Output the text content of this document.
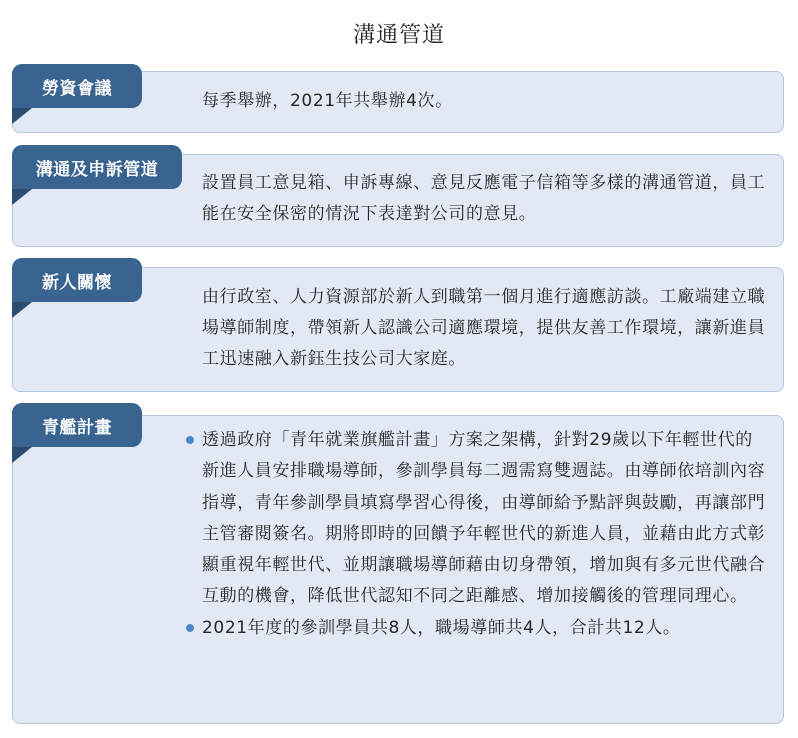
溝通管道
勞資會議
每季舉辦，2021年共舉辦4次。
溝通及申訴管道
設置員工意見箱、申訴專線、意見反應電子信箱等多樣的溝通管道，員工能在安全保密的情況下表達對公司的意見。
新人關懷
由行政室、人力資源部於新人到職第一個月進行適應訪談。工廠端建立職場導師制度，帶領新人認識公司適應環境，提供友善工作環境，讓新進員工迅速融入新鈺生技公司大家庭。
青艦計畫
透過政府「青年就業旗艦計畫」方案之架構，針對29歲以下年輕世代的新進人員安排職場導師，參訓學員每二週需寫雙週誌。由導師依培訓內容指導，青年參訓學員填寫學習心得後，由導師給予點評與鼓勵，再讓部門主管審閱簽名。期將即時的回饋予年輕世代的新進人員，並藉由此方式彰顯重視年輕世代、並期讓職場導師藉由切身帶領，增加與有多元世代融合互動的機會，降低世代認知不同之距離感、增加接觸後的管理同理心。
2021年度的參訓學員共8人，職場導師共4人，合計共12人。
